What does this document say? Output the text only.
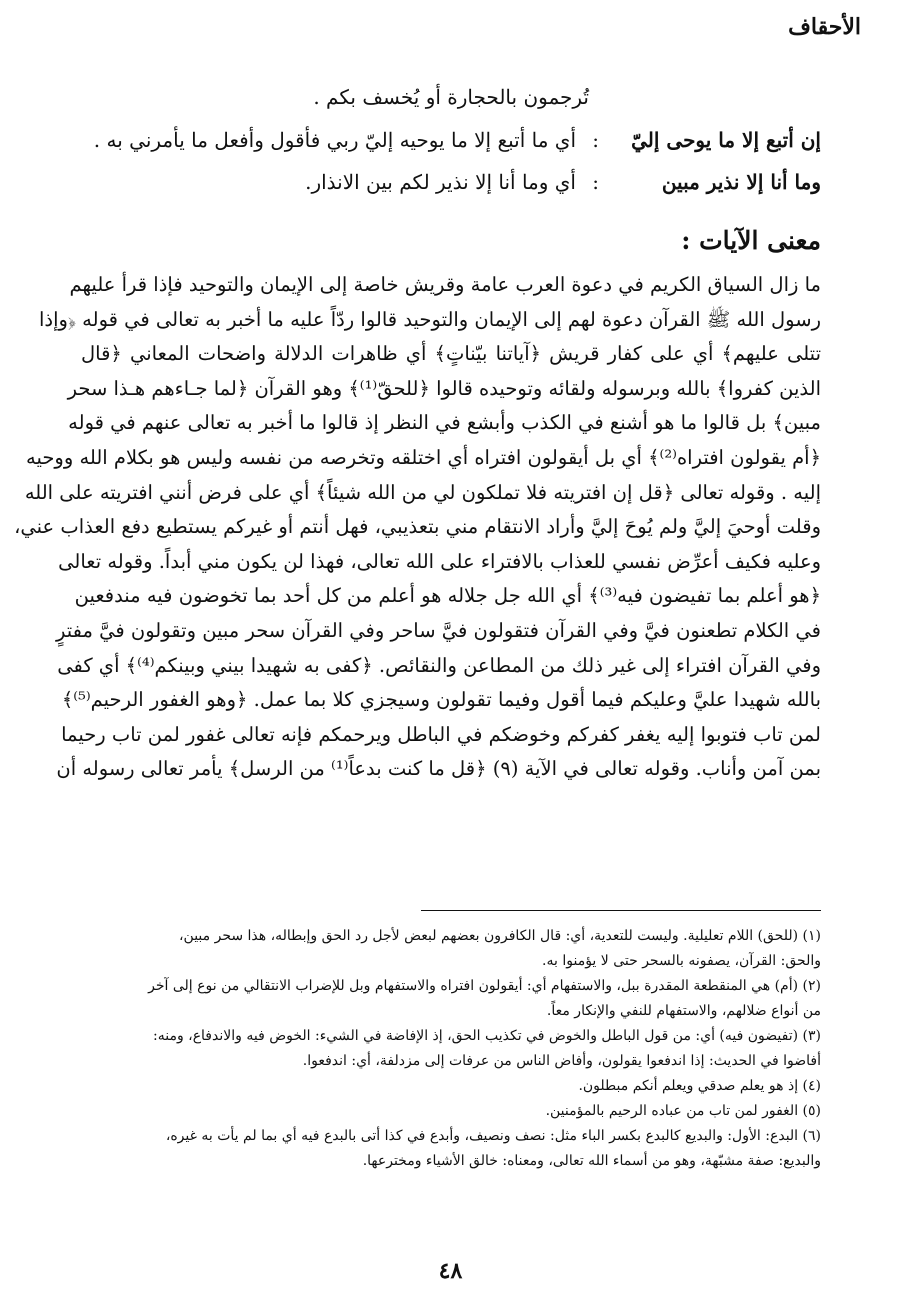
الأحقاف
تُرجمون بالحجارة أو يُخسف بكم .
إن أتبع إلا ما يوحى إليّ
:
أي ما أتبع إلا ما يوحيه إليّ ربي فأقول وأفعل ما يأمرني به .
وما أنا إلا نذير مبين
:
أي وما أنا إلا نذير لكم بين الانذار.
معنى الآيات :
ما زال السياق الكريم في دعوة العرب عامة وقريش خاصة إلى الإيمان والتوحيد فإذا قرأ عليهم
رسول الله ﷺ القرآن دعوة لهم إلى الإيمان والتوحيد قالوا ردّاً عليه ما أخبر به تعالى في قوله ﴿وإذا
تتلى عليهم﴾ أي على كفار قريش ﴿آياتنا بيّناتٍ﴾ أي ظاهرات الدلالة واضحات المعاني ﴿قال
الذين كفروا﴾ بالله وبرسوله ولقائه وتوحيده قالوا ﴿للحقّ⁽¹⁾﴾ وهو القرآن ﴿لما جـاءهم هـذا سحر
مبين﴾ بل قالوا ما هو أشنع في الكذب وأبشع في النظر إذ قالوا ما أخبر به تعالى عنهم في قوله
﴿أم يقولون افتراه⁽²⁾﴾ أي بل أيقولون افتراه أي اختلقه وتخرصه من نفسه وليس هو بكلام الله ووحيه
إليه . وقوله تعالى ﴿قل إن افتريته فلا تملكون لي من الله شيئاً﴾ أي على فرض أنني افتريته على الله
وقلت أوحيَ إليَّ ولم يُوحَ إليَّ وأراد الانتقام مني بتعذيبي، فهل أنتم أو غيركم يستطيع دفع العذاب عني،
وعليه فكيف أعرِّض نفسي للعذاب بالافتراء على الله تعالى، فهذا لن يكون مني أبداً. وقوله تعالى
﴿هو أعلم بما تفيضون فيه⁽³⁾﴾ أي الله جل جلاله هو أعلم من كل أحد بما تخوضون فيه مندفعين
في الكلام تطعنون فيَّ وفي القرآن فتقولون فيَّ ساحر وفي القرآن سحر مبين وتقولون فيَّ مفترٍ
وفي القرآن افتراء إلى غير ذلك من المطاعن والنقائص. ﴿كفى به شهيدا بيني وبينكم⁽⁴⁾﴾ أي كفى
بالله شهيدا عليَّ وعليكم فيما أقول وفيما تقولون وسيجزي كلا بما عمل. ﴿وهو الغفور الرحيم⁽⁵⁾﴾
لمن تاب فتوبوا إليه يغفر كفركم وخوضكم في الباطل ويرحمكم فإنه تعالى غفور لمن تاب رحيما
بمن آمن وأناب. وقوله تعالى في الآية (٩) ﴿قل ما كنت بدعاً⁽¹⁾ من الرسل﴾ يأمر تعالى رسوله أن
(١) (للحق) اللام تعليلية. وليست للتعدية، أي: قال الكافرون بعضهم لبعض لأجل رد الحق وإبطاله، هذا سحر مبين،
والحق: القرآن، يصفونه بالسحر حتى لا يؤمنوا به.
(٢) (أم) هي المنقطعة المقدرة ببل، والاستفهام أي: أيقولون افتراه والاستفهام وبل للإضراب الانتقالي من نوع إلى آخر
من أنواع ضلالهم، والاستفهام للنفي والإنكار معاً.
(٣) (تفيضون فيه) أي: من قول الباطل والخوض في تكذيب الحق، إذ الإفاضة في الشيء: الخوض فيه والاندفاع، ومنه:
أفاضوا في الحديث: إذا اندفعوا يقولون، وأفاض الناس من عرفات إلى مزدلفة، أي: اندفعوا.
(٤) إذ هو يعلم صدقي ويعلم أنكم مبطلون.
(٥) الغفور لمن تاب من عباده الرحيم بالمؤمنين.
(٦) البدع: الأول: والبديع كالبدع بكسر الباء مثل: نصف ونصيف، وأبدع في كذا أتى بالبدع فيه أي بما لم يأت به غيره،
والبديع: صفة مشبّهة، وهو من أسماء الله تعالى، ومعناه: خالق الأشياء ومخترعها.
٤٨
